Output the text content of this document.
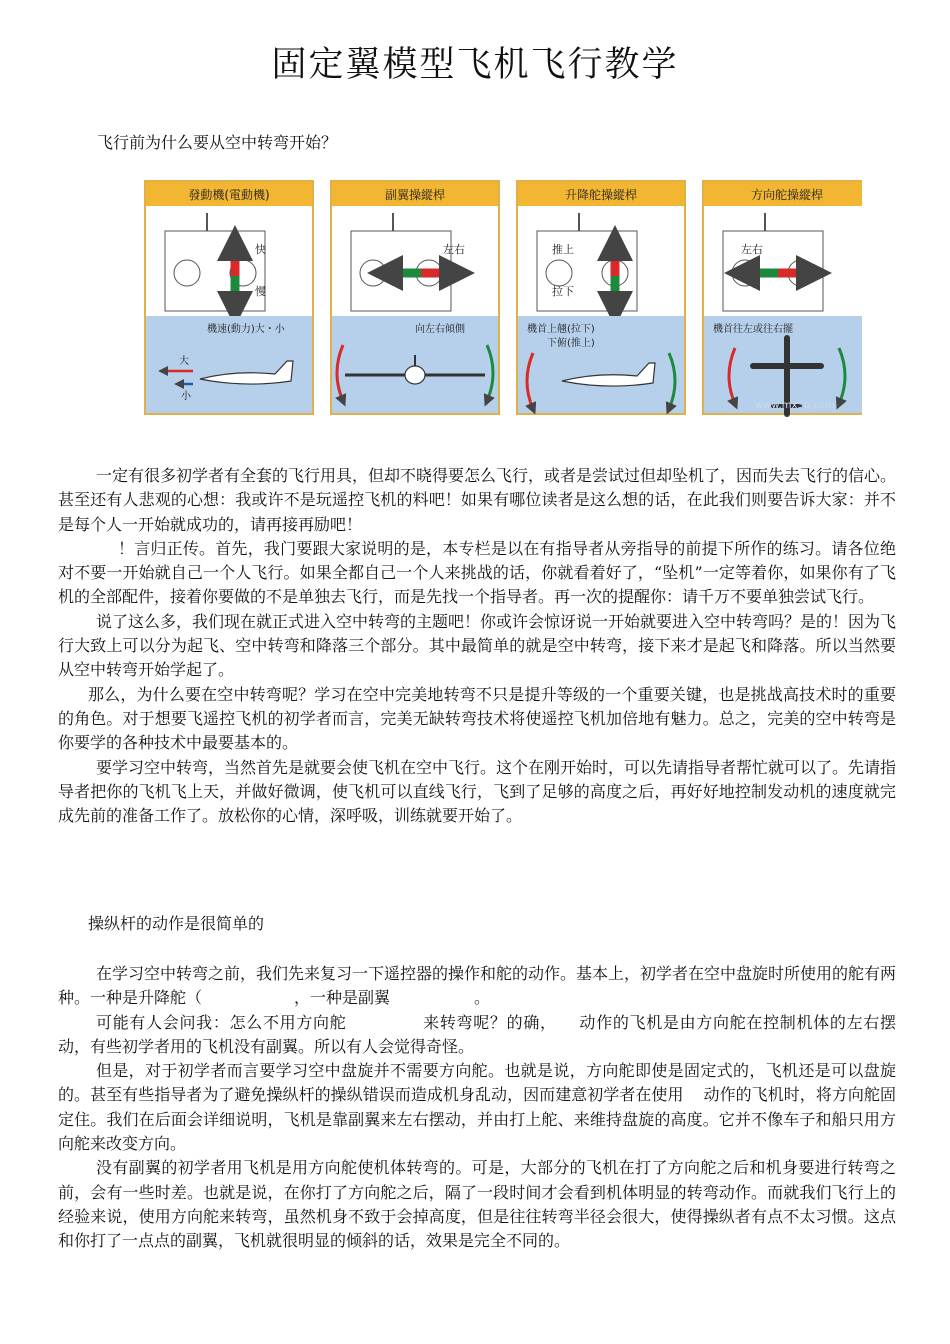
固定翼模型飞机飞行教学
飞行前为什么要从空中转弯开始？
發動機(電動機)
快
慢
機速(動力)大・小
大
小
副翼操縱桿
左右
向左右傾側
升降舵操縱桿
推上
拉下
機首上翹(拉下)
下俯(推上)
方向舵操縱桿
左右
機首往左或往右擺
www.mx3g.com

一定有很多初学者有全套的飞行用具，但却不晓得要怎么飞行，或者是尝试过但却坠机了，因而失去飞行的信心。甚至还有人悲观的心想：我或许不是玩遥控飞机的料吧！如果有哪位读者是这么想的话，在此我们则要告诉大家：并不是每个人一开始就成功的，请再接再励吧！

！言归正传。首先，我门要跟大家说明的是，本专栏是以在有指导者从旁指导的前提下所作的练习。请各位绝对不要一开始就自己一个人飞行。如果全都自己一个人来挑战的话，你就看着好了，“坠机”一定等着你，如果你有了飞机的全部配件，接着你要做的不是单独去飞行，而是先找一个指导者。再一次的提醒你：请千万不要单独尝试飞行。

说了这么多，我们现在就正式进入空中转弯的主题吧！你或许会惊讶说一开始就要进入空中转弯吗？是的！因为飞行大致上可以分为起飞、空中转弯和降落三个部分。其中最简单的就是空中转弯，接下来才是起飞和降落。所以当然要从空中转弯开始学起了。

那么，为什么要在空中转弯呢？学习在空中完美地转弯不只是提升等级的一个重要关键，也是挑战高技术时的重要的角色。对于想要飞遥控飞机的初学者而言，完美无缺转弯技术将使遥控飞机加倍地有魅力。总之，完美的空中转弯是你要学的各种技术中最要基本的。

要学习空中转弯，当然首先是就要会使飞机在空中飞行。这个在刚开始时，可以先请指导者帮忙就可以了。先请指导者把你的飞机飞上天，并做好微调，使飞机可以直线飞行，飞到了足够的高度之后，再好好地控制发动机的速度就完成先前的准备工作了。放松你的心情，深呼吸，训练就要开始了。

操纵杆的动作是很简单的

在学习空中转弯之前，我们先来复习一下遥控器的操作和舵的动作。基本上，初学者在空中盘旋时所使用的舵有两种。一种是升降舵（	，一种是副翼	。

可能有人会问我：怎么不用方向舵	来转弯呢？的确， 动作的飞机是由方向舵在控制机体的左右摆动，有些初学者用的飞机没有副翼。所以有人会觉得奇怪。

但是，对于初学者而言要学习空中盘旋并不需要方向舵。也就是说，方向舵即使是固定式的，飞机还是可以盘旋的。甚至有些指导者为了避免操纵杆的操纵错误而造成机身乱动，因而建意初学者在使用 动作的飞机时，将方向舵固定住。我们在后面会详细说明，飞机是靠副翼来左右摆动，并由打上舵、来维持盘旋的高度。它并不像车子和船只用方向舵来改变方向。

没有副翼的初学者用飞机是用方向舵使机体转弯的。可是，大部分的飞机在打了方向舵之后和机身要进行转弯之前，会有一些时差。也就是说，在你打了方向舵之后，隔了一段时间才会看到机体明显的转弯动作。而就我们飞行上的经验来说，使用方向舵来转弯，虽然机身不致于会掉高度，但是往往转弯半径会很大，使得操纵者有点不太习惯。这点和你打了一点点的副翼，飞机就很明显的倾斜的话，效果是完全不同的。
